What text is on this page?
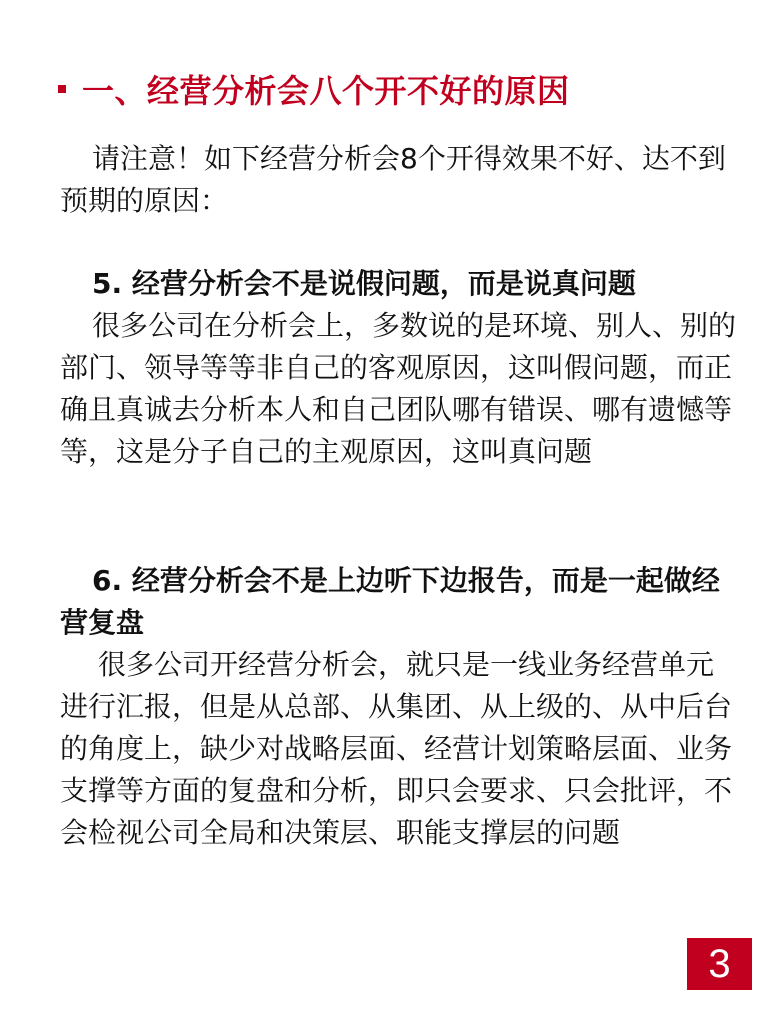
一、经营分析会八个开不好的原因

请注意！如下经营分析会8个开得效果不好、达不到预期的原因：

5. 经营分析会不是说假问题，而是说真问题

很多公司在分析会上，多数说的是环境、别人、别的部门、领导等等非自己的客观原因，这叫假问题，而正确且真诚去分析本人和自己团队哪有错误、哪有遗憾等等，这是分子自己的主观原因，这叫真问题

6. 经营分析会不是上边听下边报告，而是一起做经营复盘

很多公司开经营分析会，就只是一线业务经营单元进行汇报，但是从总部、从集团、从上级的、从中后台的角度上，缺少对战略层面、经营计划策略层面、业务支撑等方面的复盘和分析，即只会要求、只会批评，不会检视公司全局和决策层、职能支撑层的问题

3
